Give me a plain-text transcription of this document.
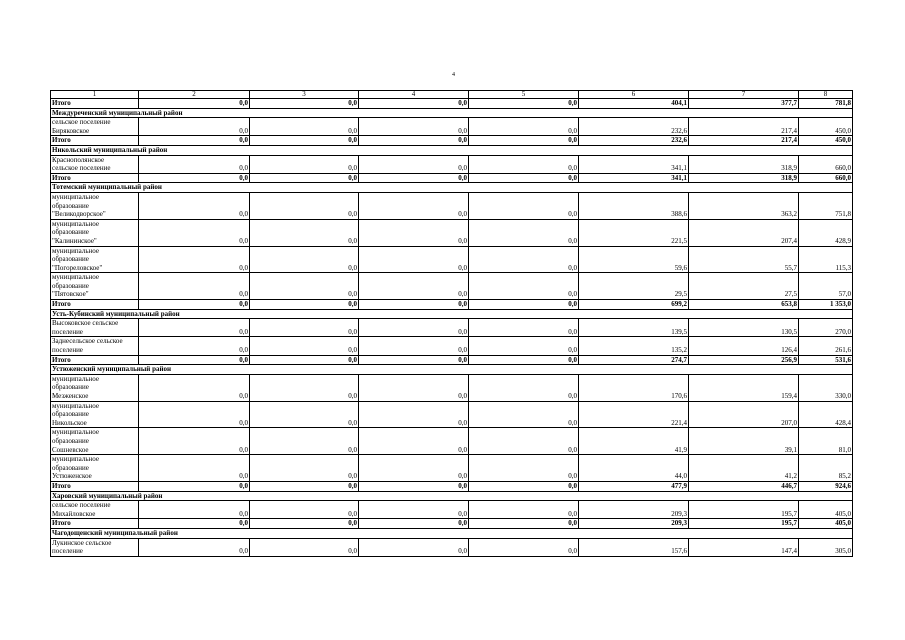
4
1	2	3	4	5	6	7	8
Итого	0,0	0,0	0,0	0,0	404,1	377,7	781,8
Междуреченский муниципальный район							

сельское поселение
Биряковское	0,0	0,0	0,0	0,0	232,6	217,4	450,0
Итого	0,0	0,0	0,0	0,0	232,6	217,4	450,0
Никольский муниципальный район							

Краснополянское
сельское поселение	0,0	0,0	0,0	0,0	341,1	318,9	660,0
Итого	0,0	0,0	0,0	0,0	341,1	318,9	660,0
Тотемский муниципальный район							

муниципальное
образование
"Великодворское"	0,0	0,0	0,0	0,0	388,6	363,2	751,8

муниципальное
образование
"Калининское"	0,0	0,0	0,0	0,0	221,5	207,4	428,9

муниципальное
образование
"Погореловское"	0,0	0,0	0,0	0,0	59,6	55,7	115,3

муниципальное
образование
"Пятовское"	0,0	0,0	0,0	0,0	29,5	27,5	57,0
Итого	0,0	0,0	0,0	0,0	699,2	653,8	1 353,0
Усть-Кубинский муниципальный район							

Высоковское сельское
поселение	0,0	0,0	0,0	0,0	139,5	130,5	270,0

Заднесельское сельское
поселение	0,0	0,0	0,0	0,0	135,2	126,4	261,6
Итого	0,0	0,0	0,0	0,0	274,7	256,9	531,6
Устюженский муниципальный район							

муниципальное
образование
Мезженское	0,0	0,0	0,0	0,0	170,6	159,4	330,0

муниципальное
образование
Никольское	0,0	0,0	0,0	0,0	221,4	207,0	428,4

муниципальное
образование
Сошневское	0,0	0,0	0,0	0,0	41,9	39,1	81,0

муниципальное
образование
Устюженское	0,0	0,0	0,0	0,0	44,0	41,2	85,2
Итого	0,0	0,0	0,0	0,0	477,9	446,7	924,6
Харовский муниципальный район							

сельское поселение
Михайловское	0,0	0,0	0,0	0,0	209,3	195,7	405,0
Итого	0,0	0,0	0,0	0,0	209,3	195,7	405,0
Чагодощенский муниципальный район							

Лукинское сельское
поселение	0,0	0,0	0,0	0,0	157,6	147,4	305,0
